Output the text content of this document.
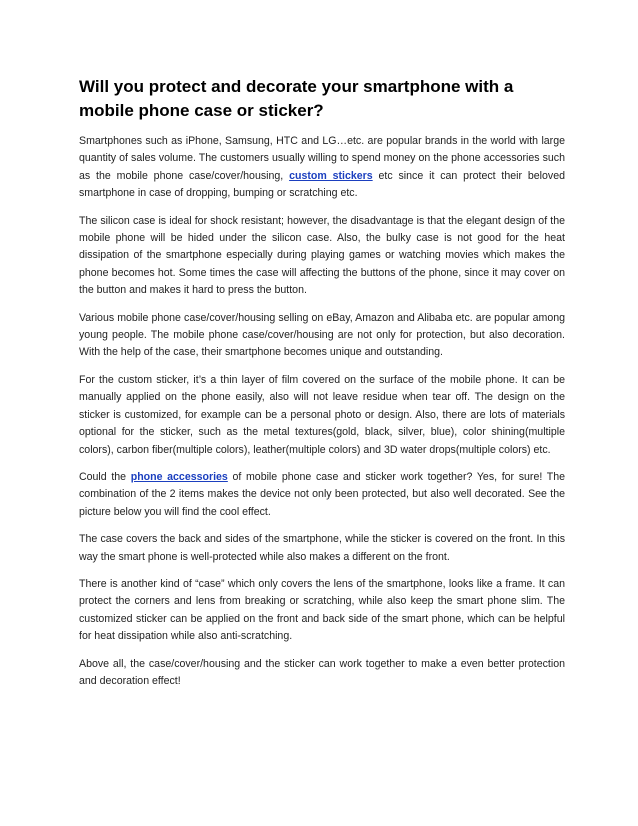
Will you protect and decorate your smartphone with a mobile phone case or sticker?

Smartphones such as iPhone, Samsung, HTC and LG…etc. are popular brands in the world with large quantity of sales volume. The customers usually willing to spend money on the phone accessories such as the mobile phone case/cover/housing, custom stickers etc since it can protect their beloved smartphone in case of dropping, bumping or scratching etc.

The silicon case is ideal for shock resistant; however, the disadvantage is that the elegant design of the mobile phone will be hided under the silicon case. Also, the bulky case is not good for the heat dissipation of the smartphone especially during playing games or watching movies which makes the phone becomes hot. Some times the case will affecting the buttons of the phone, since it may cover on the button and makes it hard to press the button.

Various mobile phone case/cover/housing selling on eBay, Amazon and Alibaba etc. are popular among young people. The mobile phone case/cover/housing are not only for protection, but also decoration. With the help of the case, their smartphone becomes unique and outstanding.

For the custom sticker, it’s a thin layer of film covered on the surface of the mobile phone. It can be manually applied on the phone easily, also will not leave residue when tear off. The design on the sticker is customized, for example can be a personal photo or design. Also, there are lots of materials optional for the sticker, such as the metal textures(gold, black, silver, blue), color shining(multiple colors), carbon fiber(multiple colors), leather(multiple colors) and 3D water drops(multiple colors) etc.

Could the phone accessories of mobile phone case and sticker work together? Yes, for sure! The combination of the 2 items makes the device not only been protected, but also well decorated. See the picture below you will find the cool effect.

The case covers the back and sides of the smartphone, while the sticker is covered on the front. In this way the smart phone is well-protected while also makes a different on the front.

There is another kind of “case” which only covers the lens of the smartphone, looks like a frame. It can protect the corners and lens from breaking or scratching, while also keep the smart phone slim. The customized sticker can be applied on the front and back side of the smart phone, which can be helpful for heat dissipation while also anti-scratching.

Above all, the case/cover/housing and the sticker can work together to make a even better protection and decoration effect!
